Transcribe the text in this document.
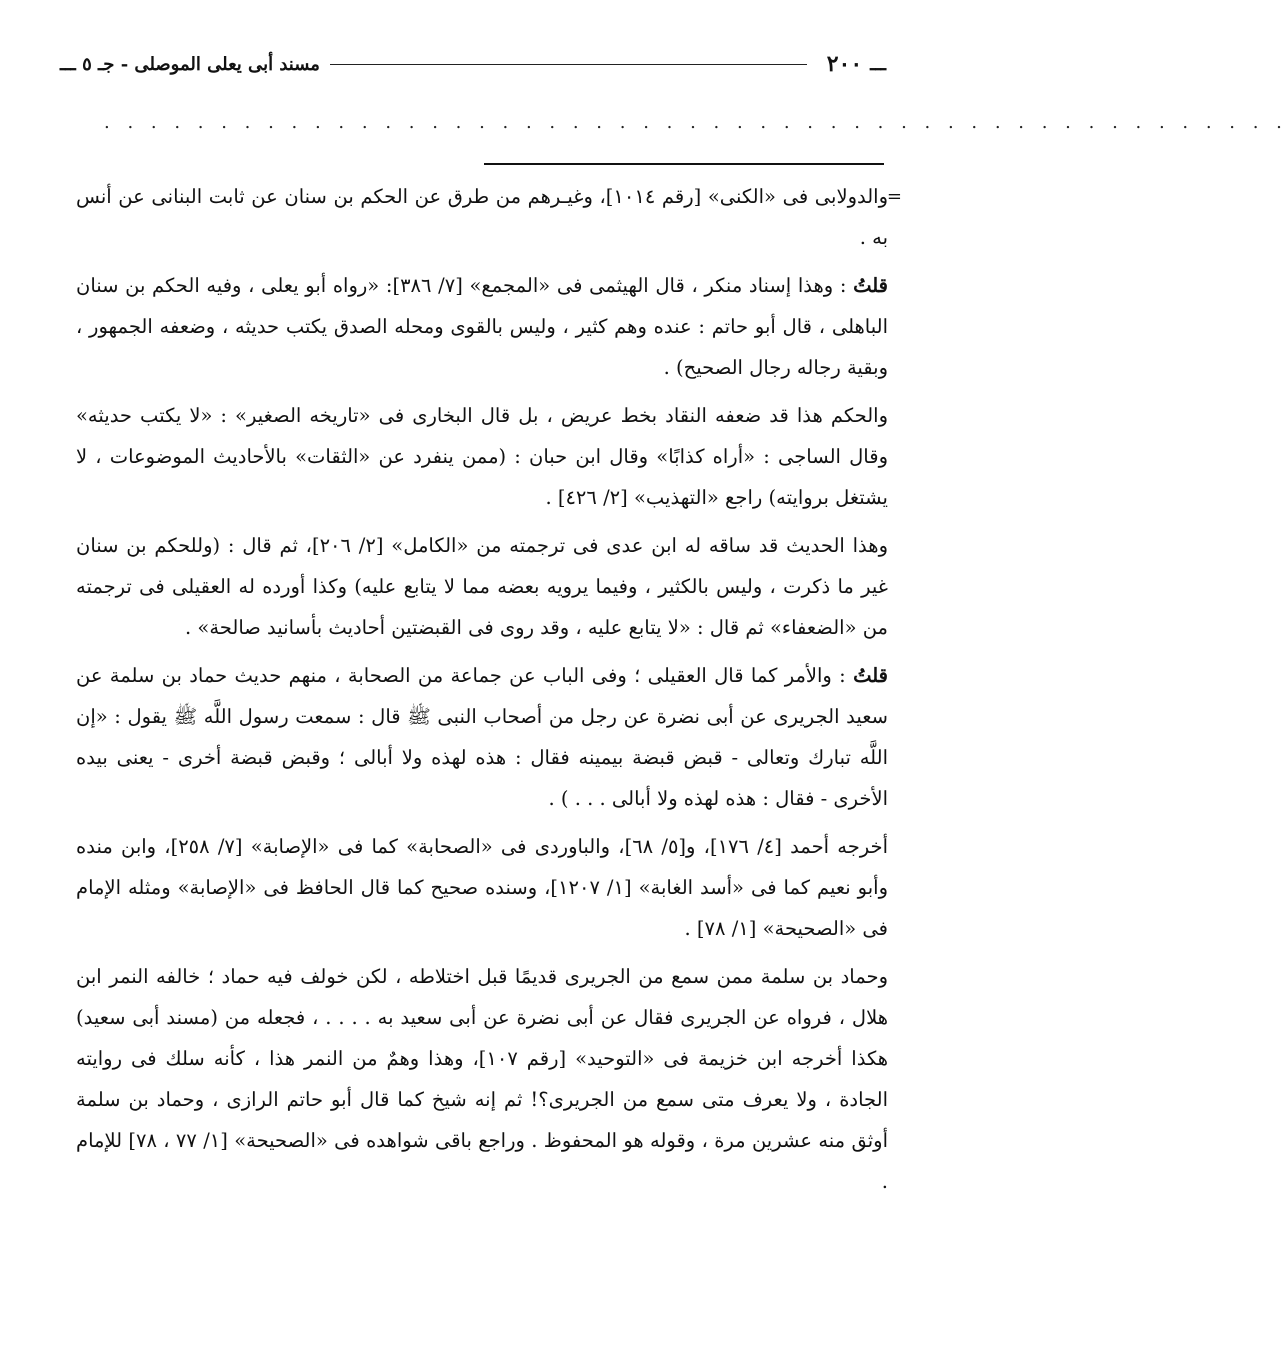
ـــ
٢٠٠
مسند أبى يعلى الموصلى - جـ ٥ ـــ
. . . . . . . . . . . . . . . . . . . . . . . . . . . . . . . . . . . . . . . . . . . . . . . . . . .

=
والدولابى فى «الكنى» [رقم ١٠١٤]، وغيـرهم من طرق عن الحكم بن سنان عن ثابت البنانى عن أنس به .

قلتُ : وهذا إسناد منكر ، قال الهيثمى فى «المجمع» [٧/ ٣٨٦]: «رواه أبو يعلى ، وفيه الحكم بن سنان الباهلى ، قال أبو حاتم : عنده وهم كثير ، وليس بالقوى ومحله الصدق يكتب حديثه ، وضعفه الجمهور ، وبقية رجاله رجال الصحيح) .

والحكم هذا قد ضعفه النقاد بخط عريض ، بل قال البخارى فى «تاريخه الصغير» : «لا يكتب حديثه» وقال الساجى : «أراه كذابًا» وقال ابن حبان : (ممن ينفرد عن «الثقات» بالأحاديث الموضوعات ، لا يشتغل بروايته) راجع «التهذيب» [٢/ ٤٢٦] .

وهذا الحديث قد ساقه له ابن عدى فى ترجمته من «الكامل» [٢/ ٢٠٦]، ثم قال : (وللحكم بن سنان غير ما ذكرت ، وليس بالكثير ، وفيما يرويه بعضه مما لا يتابع عليه) وكذا أورده له العقيلى فى ترجمته من «الضعفاء» ثم قال : «لا يتابع عليه ، وقد روى فى القبضتين أحاديث بأسانيد صالحة» .

قلتُ : والأمر كما قال العقيلى ؛ وفى الباب عن جماعة من الصحابة ، منهم حديث حماد بن سلمة عن سعيد الجريرى عن أبى نضرة عن رجل من أصحاب النبى ﷺ قال : سمعت رسول اللَّه ﷺ يقول : «إن اللَّه تبارك وتعالى - قبض قبضة بيمينه فقال : هذه لهذه ولا أبالى ؛ وقبض قبضة أخرى - يعنى بيده الأخرى - فقال : هذه لهذه ولا أبالى . . . ) .

أخرجه أحمد [٤/ ١٧٦]، و[٥/ ٦٨]، والباوردى فى «الصحابة» كما فى «الإصابة» [٧/ ٢٥٨]، وابن منده وأبو نعيم كما فى «أسد الغابة» [١/ ١٢٠٧]، وسنده صحيح كما قال الحافظ فى «الإصابة» ومثله الإمام فى «الصحيحة» [١/ ٧٨] .

وحماد بن سلمة ممن سمع من الجريرى قديمًا قبل اختلاطه ، لكن خولف فيه حماد ؛ خالفه النمر ابن هلال ، فرواه عن الجريرى فقال عن أبى نضرة عن أبى سعيد به . . . . ، فجعله من (مسند أبى سعيد) هكذا أخرجه ابن خزيمة فى «التوحيد» [رقم ١٠٧]، وهذا وهمٌ من النمر هذا ، كأنه سلك فى روايته الجادة ، ولا يعرف متى سمع من الجريرى؟! ثم إنه شيخ كما قال أبو حاتم الرازى ، وحماد بن سلمة أوثق منه عشرين مرة ، وقوله هو المحفوظ . وراجع باقى شواهده فى «الصحيحة» [١/ ٧٧ ، ٧٨] للإمام .
